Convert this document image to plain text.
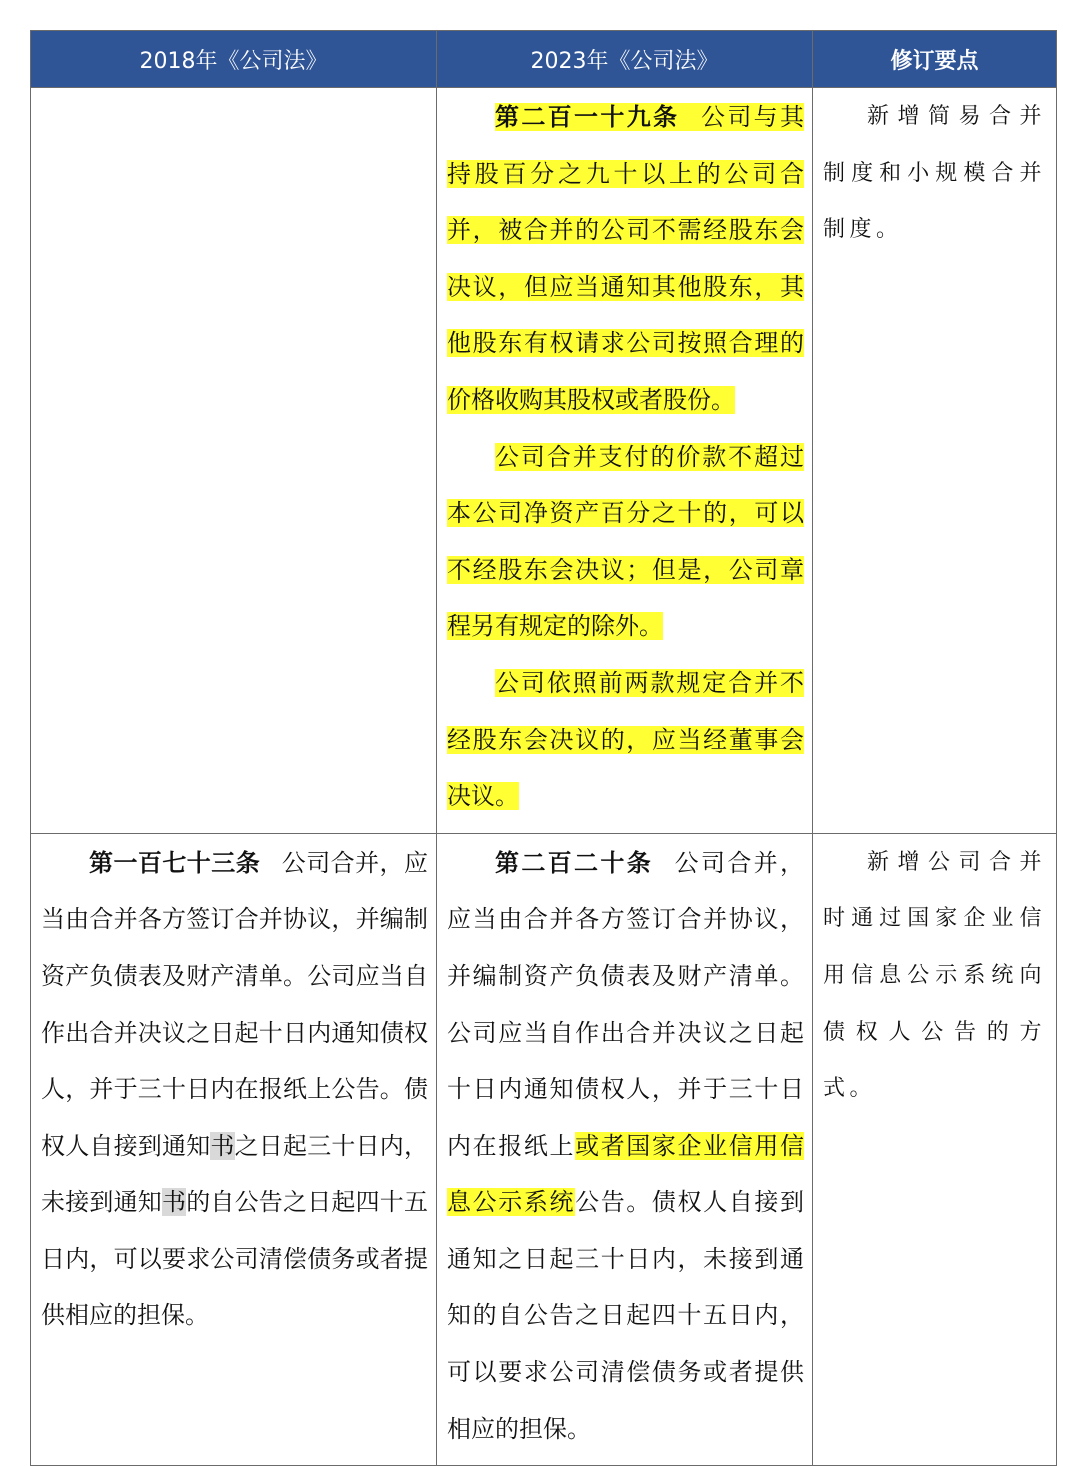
2018年《公司法》	2023年《公司法》	修订要点

	第二百一十九条 公司与其持股百分之九十以上的公司合并，被合并的公司不需经股东会决议，但应当通知其他股东，其他股东有权请求公司按照合理的价格收购其股权或者股份。

公司合并支付的价款不超过本公司净资产百分之十的，可以不经股东会决议；但是，公司章程另有规定的除外。

公司依照前两款规定合并不经股东会决议的，应当经董事会决议。	新增简易合并制度和小规模合并制度。

第一百七十三条 公司合并，应当由合并各方签订合并协议，并编制资产负债表及财产清单。公司应当自作出合并决议之日起十日内通知债权人，并于三十日内在报纸上公告。债权人自接到通知书之日起三十日内，未接到通知书的自公告之日起四十五日内，可以要求公司清偿债务或者提供相应的担保。	第二百二十条 公司合并，应当由合并各方签订合并协议，并编制资产负债表及财产清单。公司应当自作出合并决议之日起十日内通知债权人，并于三十日内在报纸上或者国家企业信用信息公示系统公告。债权人自接到通知之日起三十日内，未接到通知的自公告之日起四十五日内，可以要求公司清偿债务或者提供相应的担保。	新增公司合并时通过国家企业信用信息公示系统向债权人公告的方式。
